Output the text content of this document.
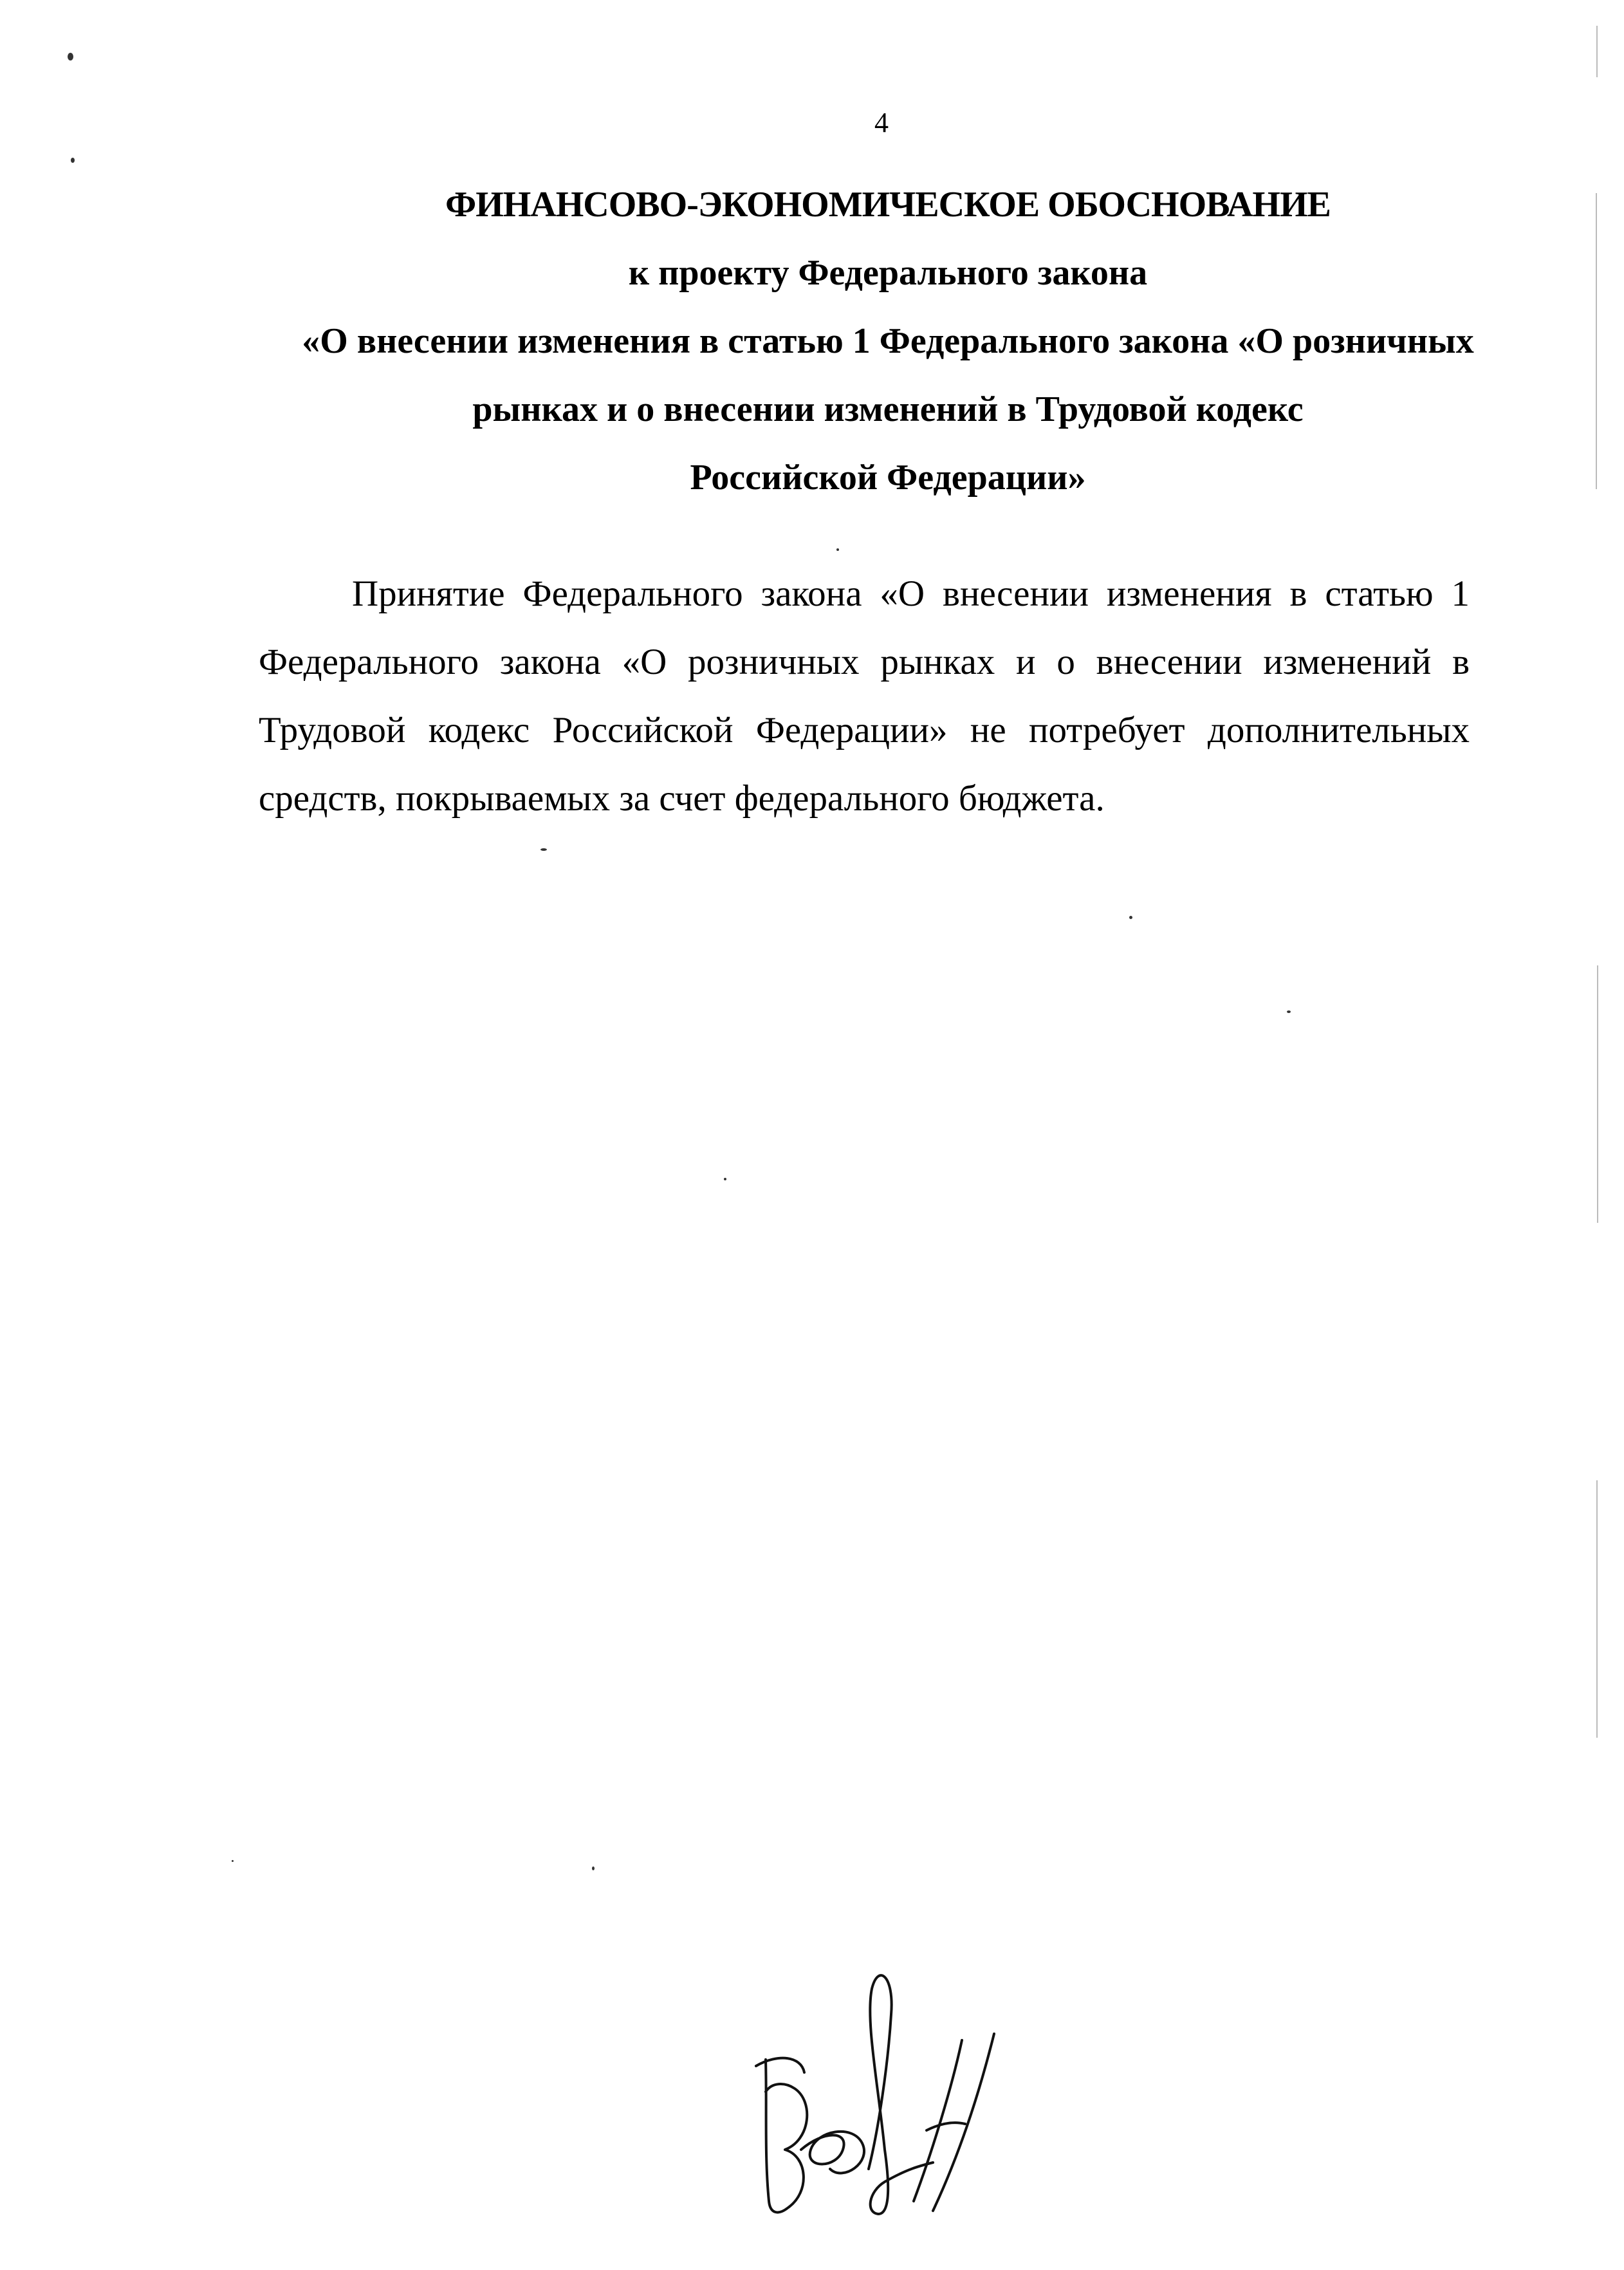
4
ФИНАНСОВО-ЭКОНОМИЧЕСКОЕ ОБОСНОВАНИЕ
к проекту Федерального закона
«О внесении изменения в статью 1 Федерального закона «О розничных
рынках и о внесении изменений в Трудовой кодекс
Российской Федерации»

Принятие Федерального закона «О внесении изменения в статью 1 Федерального закона «О розничных рынках и о внесении изменений в Трудовой кодекс Российской Федерации» не потребует дополнительных средств, покрываемых за счет федерального бюджета.
